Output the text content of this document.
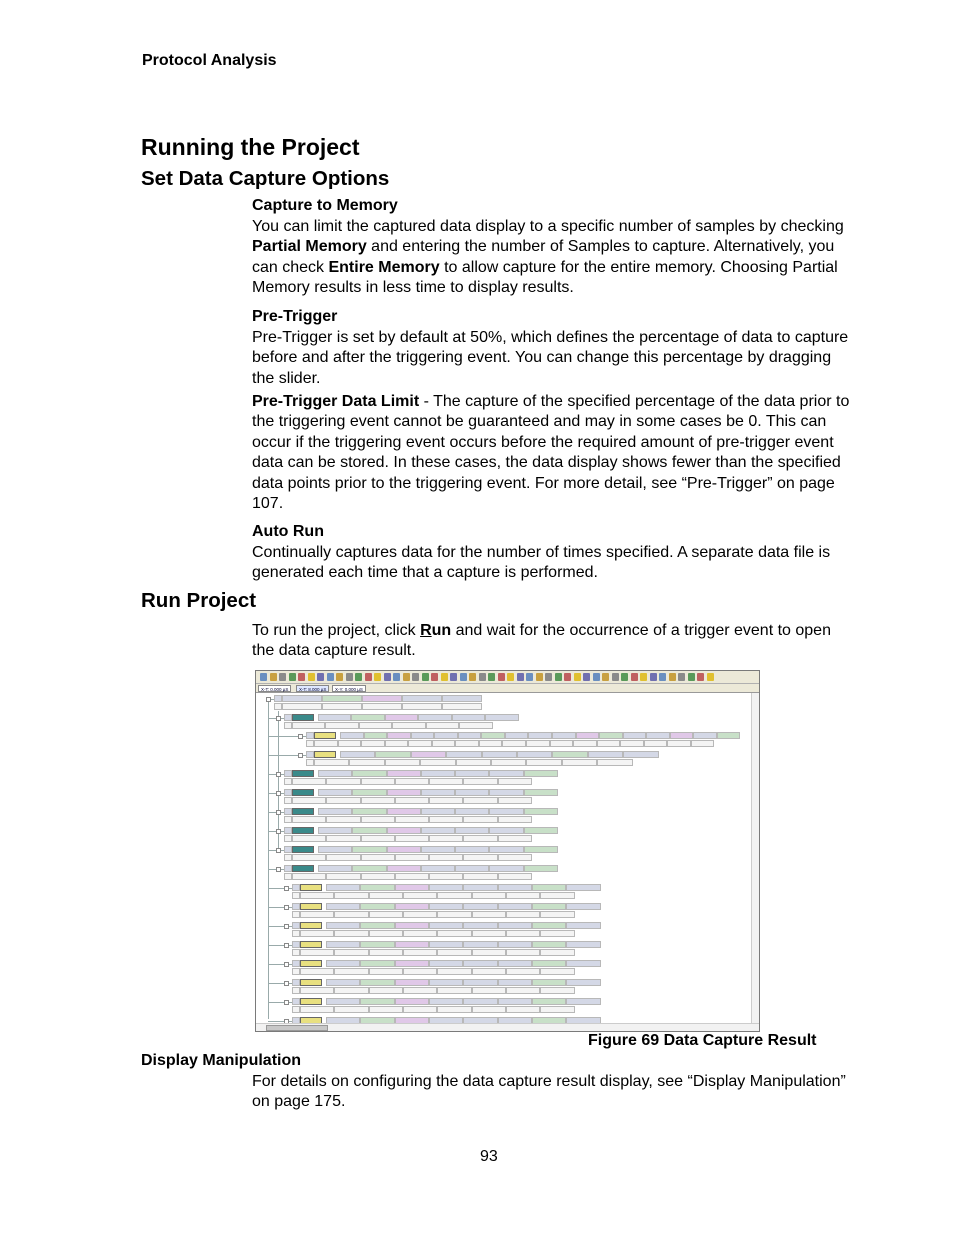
Protocol Analysis
Running the Project
Set Data Capture Options
Capture to Memory
You can limit the captured data display to a specific number of samples by checking Partial Memory and entering the number of Samples to capture. Alternatively, you can check Entire Memory to allow capture for the entire memory. Choosing Partial Memory results in less time to display results.
Pre-Trigger
Pre-Trigger is set by default at 50%, which defines the percentage of data to capture before and after the triggering event. You can change this percentage by dragging the slider.
Pre-Trigger Data Limit - The capture of the specified percentage of the data prior to the triggering event cannot be guaranteed and may in some cases be 0. This can occur if the triggering event occurs before the required amount of pre-trigger event data can be stored. In these cases, the data display shows fewer than the specified data points prior to the triggering event. For more detail, see “Pre-Trigger” on page 107.
Auto Run
Continually captures data for the number of times specified. A separate data file is generated each time that a capture is performed.
Run Project
To run the project, click Run and wait for the occurrence of a trigger event to open the data capture result.
X-T: 0.000 µS	X-T: 8.000 µS	X-Y: 0.000 µS
Figure 69 Data Capture Result
Display Manipulation
For details on configuring the data capture result display, see “Display Manipulation” on page 175.
93
